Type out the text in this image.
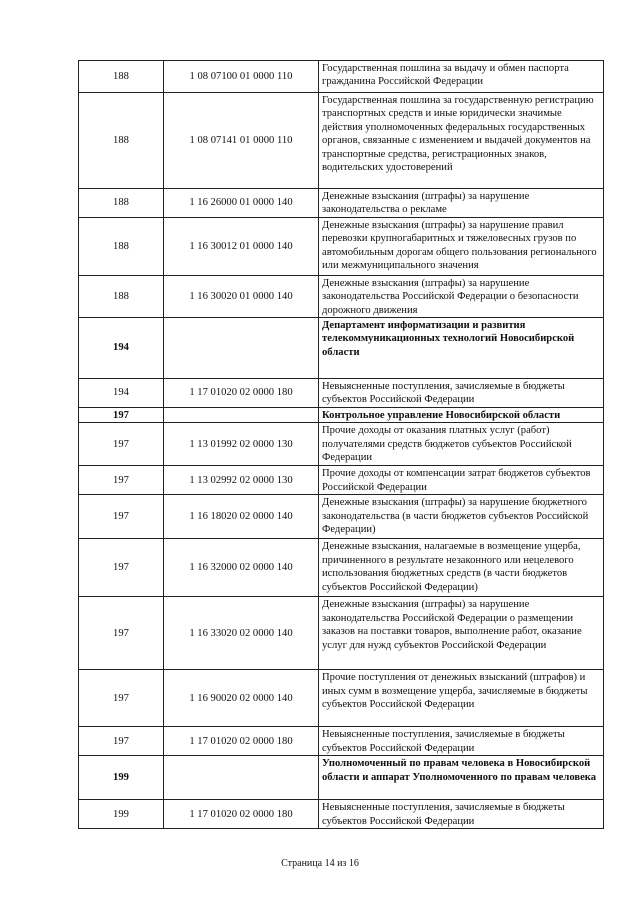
188	1 08 07100 01 0000 110	Государственная пошлина за выдачу и обмен паспорта гражданина Российской Федерации
188	1 08 07141 01 0000 110	Государственная пошлина за государственную регистрацию транспортных средств и иные юридически значимые действия уполномоченных федеральных государственных органов, связанные с изменением и выдачей документов на транспортные средства, регистрационных знаков, водительских удостоверений
188	1 16 26000 01 0000 140	Денежные взыскания (штрафы) за нарушение законодательства о рекламе
188	1 16 30012 01 0000 140	Денежные взыскания (штрафы) за нарушение правил перевозки крупногабаритных и тяжеловесных грузов по автомобильным дорогам общего пользования регионального или межмуниципального значения
188	1 16 30020 01 0000 140	Денежные взыскания (штрафы) за нарушение законодательства Российской Федерации о безопасности дорожного движения
194		Департамент информатизации и развития телекоммуникационных технологий Новосибирской области
194	1 17 01020 02 0000 180	Невыясненные поступления, зачисляемые в бюджеты субъектов Российской Федерации
197		Контрольное управление Новосибирской области
197	1 13 01992 02 0000 130	Прочие доходы от оказания платных услуг (работ) получателями средств бюджетов субъектов Российской Федерации
197	1 13 02992 02 0000 130	Прочие доходы от компенсации затрат бюджетов субъектов Российской Федерации
197	1 16 18020 02 0000 140	Денежные взыскания (штрафы) за нарушение бюджетного законодательства (в части бюджетов субъектов Российской Федерации)
197	1 16 32000 02 0000 140	Денежные взыскания, налагаемые в возмещение ущерба, причиненного в результате незаконного или нецелевого использования бюджетных средств (в части бюджетов субъектов Российской Федерации)
197	1 16 33020 02 0000 140	Денежные взыскания (штрафы) за нарушение законодательства Российской Федерации о размещении заказов на поставки товаров, выполнение работ, оказание услуг для нужд субъектов Российской Федерации
197	1 16 90020 02 0000 140	Прочие поступления от денежных взысканий (штрафов) и иных сумм в возмещение ущерба, зачисляемые в бюджеты субъектов Российской Федерации
197	1 17 01020 02 0000 180	Невыясненные поступления, зачисляемые в бюджеты субъектов Российской Федерации
199		Уполномоченный по правам человека в Новосибирской области и аппарат Уполномоченного по правам человека
199	1 17 01020 02 0000 180	Невыясненные поступления, зачисляемые в бюджеты субъектов Российской Федерации
Страница 14 из 16
